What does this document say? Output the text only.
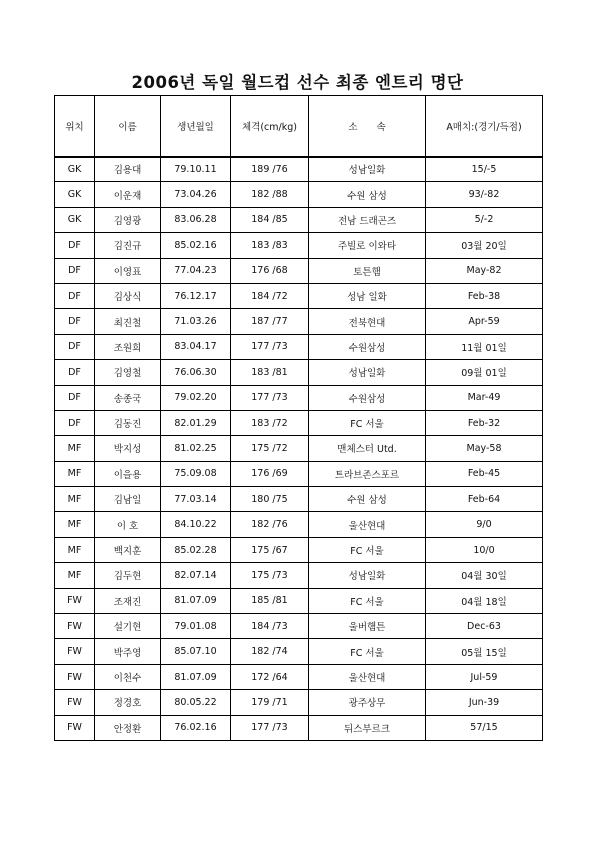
2006년 독일 월드컵 선수 최종 엔트리 명단
위치	이름	생년월일	체격(cm/kg)	소　　속	A매치:(경기/득점)
GK	김용대	79.10.11	189 /76	성남일화	15/-5
GK	이운재	73.04.26	182 /88	수원 삼성	93/-82
GK	김영광	83.06.28	184 /85	전남 드래곤즈	5/-2
DF	김진규	85.02.16	183 /83	주빌로 이와타	03월 20일
DF	이영표	77.04.23	176 /68	토튼햄	May-82
DF	김상식	76.12.17	184 /72	성남 일화	Feb-38
DF	최진철	71.03.26	187 /77	전북현대	Apr-59
DF	조원희	83.04.17	177 /73	수원삼성	11월 01일
DF	김영철	76.06.30	183 /81	성남일화	09월 01일
DF	송종국	79.02.20	177 /73	수원삼성	Mar-49
DF	김동진	82.01.29	183 /72	FC 서울	Feb-32
MF	박지성	81.02.25	175 /72	맨체스터 Utd.	May-58
MF	이을용	75.09.08	176 /69	트라브존스포르	Feb-45
MF	김남일	77.03.14	180 /75	수원 삼성	Feb-64
MF	이 호	84.10.22	182 /76	울산현대	9/0
MF	백지훈	85.02.28	175 /67	FC 서울	10/0
MF	김두현	82.07.14	175 /73	성남일화	04월 30일
FW	조재진	81.07.09	185 /81	FC 서울	04월 18일
FW	설기현	79.01.08	184 /73	울버햄튼	Dec-63
FW	박주영	85.07.10	182 /74	FC 서울	05월 15일
FW	이천수	81.07.09	172 /64	울산현대	Jul-59
FW	정경호	80.05.22	179 /71	광주상무	Jun-39
FW	안정환	76.02.16	177 /73	뒤스부르크	57/15
